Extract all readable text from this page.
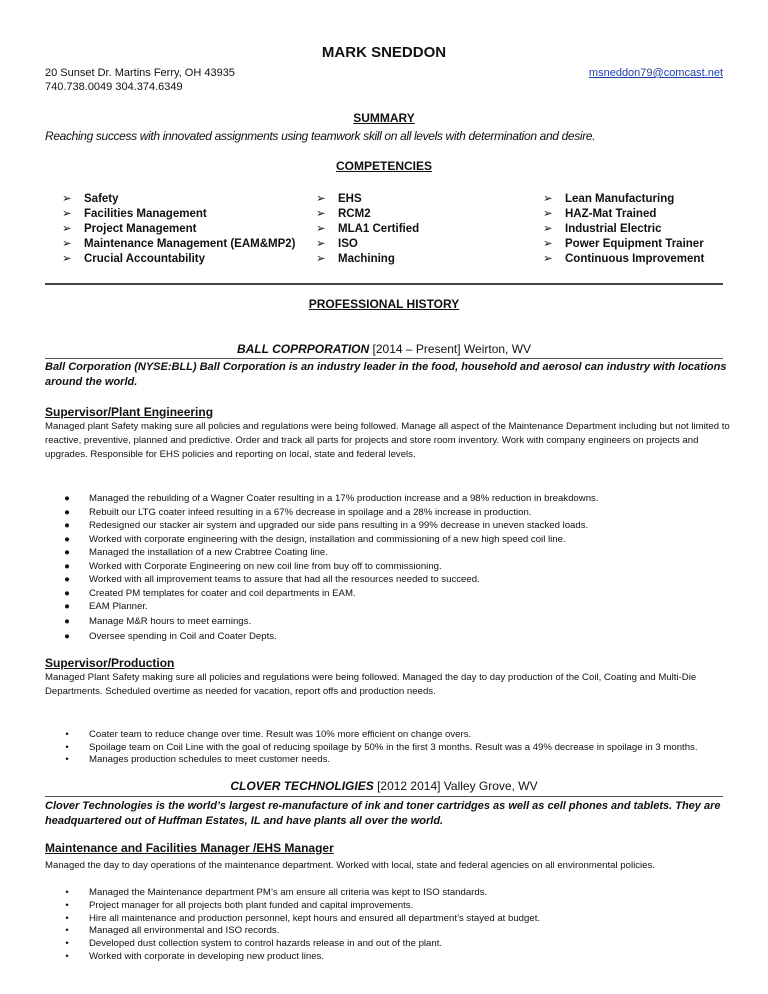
MARK SNEDDON
20 Sunset Dr. Martins Ferry, OH 43935	msneddon79@comcast.net
740.738.0049 304.374.6349
SUMMARY
Reaching success with innovated assignments using teamwork skill on all levels with determination and desire.
COMPETENCIES
➢ Safety
➢ Facilities Management
➢ Project Management
➢ Maintenance Management (EAM&MP2)
➢ Crucial Accountability
➢ EHS
➢ RCM2
➢ MLA1 Certified
➢ ISO
➢ Machining
➢ Lean Manufacturing
➢ HAZ-Mat Trained
➢ Industrial Electric
➢ Power Equipment Trainer
➢ Continuous Improvement
PROFESSIONAL HISTORY
BALL COPRPORATION [2014 – Present] Weirton, WV
Ball Corporation (NYSE:BLL) Ball Corporation is an industry leader in the food, household and aerosol can industry with locations around the world.
Supervisor/Plant Engineering
Managed plant Safety making sure all policies and regulations were being followed. Manage all aspect of the Maintenance Department including but not limited to reactive, preventive, planned and predictive. Order and track all parts for projects and store room inventory. Work with company engineers on projects and upgrades. Responsible for EHS policies and reporting on local, state and federal levels.
● Managed the rebuilding of a Wagner Coater resulting in a 17% production increase and a 98% reduction in breakdowns.
● Rebuilt our LTG coater infeed resulting in a 67% decrease in spoilage and a 28% increase in production.
● Redesigned our stacker air system and upgraded our side pans resulting in a 99% decrease in uneven stacked loads.
● Worked with corporate engineering with the design, installation and commissioning of a new high speed coil line.
● Managed the installation of a new Crabtree Coating line.
● Worked with Corporate Engineering on new coil line from buy off to commissioning.
● Worked with all improvement teams to assure that had all the resources needed to succeed.
● Created PM templates for coater and coil departments in EAM.
● EAM Planner.
● Manage M&R hours to meet earnings.
● Oversee spending in Coil and Coater Depts.
Supervisor/Production
Managed Plant Safety making sure all policies and regulations were being followed. Managed the day to day production of the Coil, Coating and Multi-Die Departments. Scheduled overtime as needed for vacation, report offs and production needs.
• Coater team to reduce change over time. Result was 10% more efficient on change overs.
• Spoilage team on Coil Line with the goal of reducing spoilage by 50% in the first 3 months. Result was a 49% decrease in spoilage in 3 months.
• Manages production schedules to meet customer needs.
CLOVER TECHNOLIGIES [2012 2014] Valley Grove, WV
Clover Technologies is the world’s largest re-manufacture of ink and toner cartridges as well as cell phones and tablets. They are headquartered out of Huffman Estates, IL and have plants all over the world.
Maintenance and Facilities Manager /EHS Manager
Managed the day to day operations of the maintenance department. Worked with local, state and federal agencies on all environmental policies.
• Managed the Maintenance department PM’s am ensure all criteria was kept to ISO standards.
• Project manager for all projects both plant funded and capital improvements.
• Hire all maintenance and production personnel, kept hours and ensured all department’s stayed at budget.
• Managed all environmental and ISO records.
• Developed dust collection system to control hazards release in and out of the plant.
• Worked with corporate in developing new product lines.
